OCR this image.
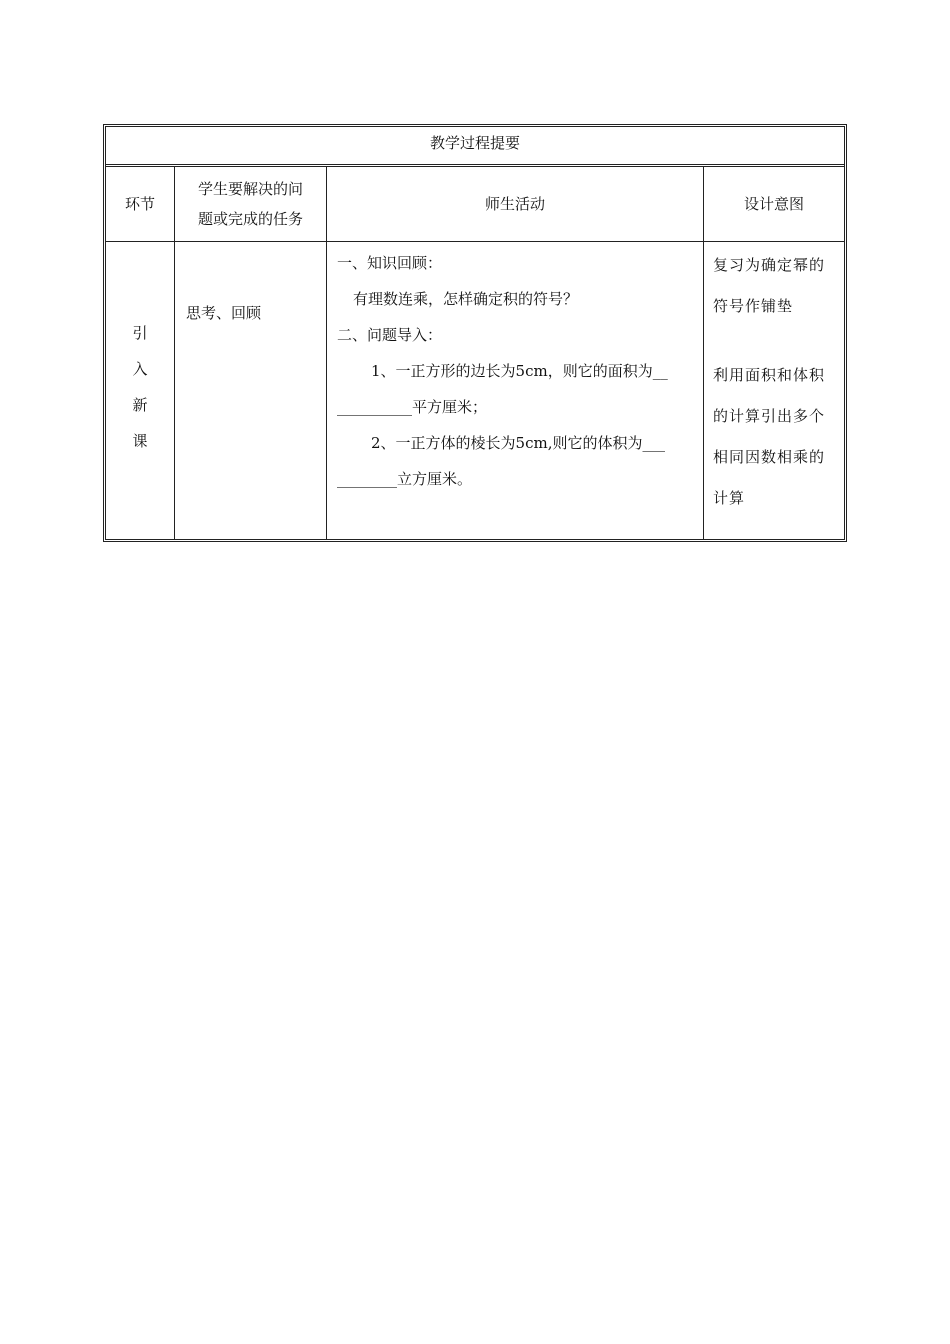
教学过程提要
环节
学生要解决的问
题或完成的任务
师生活动	设计意图
引
入
新
课
思考、回顾
一、知识回顾：
有理数连乘，怎样确定积的符号？
二、问题导入：
1、一正方形的边长为5cm，则它的面积为__
__________平方厘米；
2、一正方体的棱长为5cm,则它的体积为___
________立方厘米。
复习为确定幂的
符号作铺垫
利用面积和体积
的计算引出多个
相同因数相乘的
计算
